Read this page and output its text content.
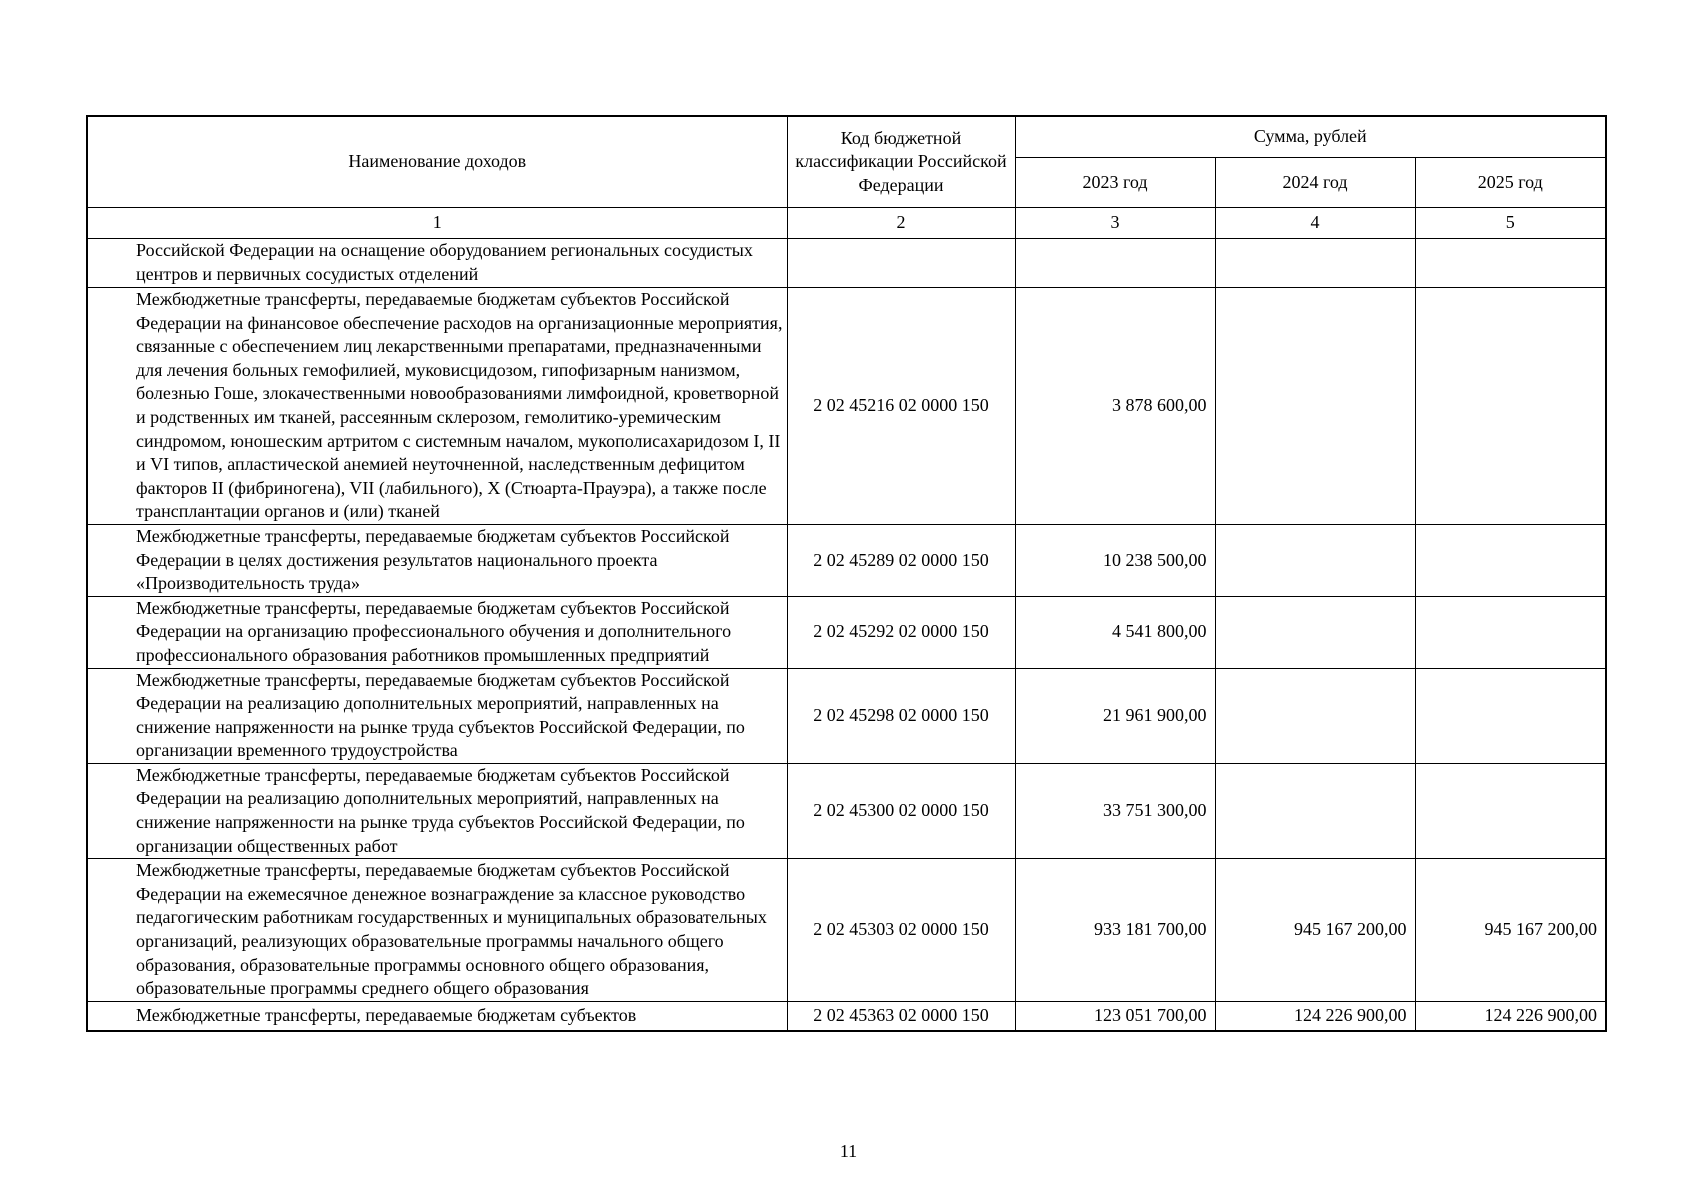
Наименование доходов	Код бюджетной классификации Российской Федерации	Сумма, рублей		
		2023 год	2024 год	2025 год
1	2	3	4	5
Российской Федерации на оснащение оборудованием региональных сосудистых центров и первичных сосудистых отделений				
Межбюджетные трансферты, передаваемые бюджетам субъектов Российской Федерации на финансовое обеспечение расходов на организационные мероприятия, связанные с обеспечением лиц лекарственными препаратами, предназначенными для лечения больных гемофилией, муковисцидозом, гипофизарным нанизмом, болезнью Гоше, злокачественными новообразованиями лимфоидной, кроветворной и родственных им тканей, рассеянным склерозом, гемолитико-уремическим синдромом, юношеским артритом с системным началом, мукополисахаридозом I, II и VI типов, апластической анемией неуточненной, наследственным дефицитом факторов II (фибриногена), VII (лабильного), X (Стюарта-Прауэра), а также после трансплантации органов и (или) тканей	2 02 45216 02 0000 150	3 878 600,00		
Межбюджетные трансферты, передаваемые бюджетам субъектов Российской Федерации в целях достижения результатов национального проекта «Производительность труда»	2 02 45289 02 0000 150	10 238 500,00		
Межбюджетные трансферты, передаваемые бюджетам субъектов Российской Федерации на организацию профессионального обучения и дополнительного профессионального образования работников промышленных предприятий	2 02 45292 02 0000 150	4 541 800,00		
Межбюджетные трансферты, передаваемые бюджетам субъектов Российской Федерации на реализацию дополнительных мероприятий, направленных на снижение напряженности на рынке труда субъектов Российской Федерации, по организации временного трудоустройства	2 02 45298 02 0000 150	21 961 900,00		
Межбюджетные трансферты, передаваемые бюджетам субъектов Российской Федерации на реализацию дополнительных мероприятий, направленных на снижение напряженности на рынке труда субъектов Российской Федерации, по организации общественных работ	2 02 45300 02 0000 150	33 751 300,00		
Межбюджетные трансферты, передаваемые бюджетам субъектов Российской Федерации на ежемесячное денежное вознаграждение за классное руководство педагогическим работникам государственных и муниципальных образовательных организаций, реализующих образовательные программы начального общего образования, образовательные программы основного общего образования, образовательные программы среднего общего образования	2 02 45303 02 0000 150	933 181 700,00	945 167 200,00	945 167 200,00
Межбюджетные трансферты, передаваемые бюджетам субъектов	2 02 45363 02 0000 150	123 051 700,00	124 226 900,00	124 226 900,00
11
